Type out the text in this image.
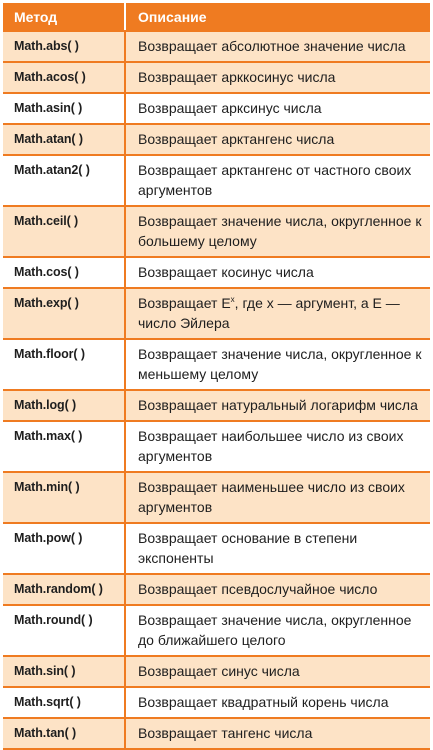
Метод	Описание
Math.abs( )	Возвращает абсолютное значение числа
Math.acos( )	Возвращает арккосинус числа
Math.asin( )	Возвращает арксинус числа
Math.atan( )	Возвращает арктангенс числа
Math.atan2( )	Возвращает арктангенс от частного своих аргументов
Math.ceil( )	Возвращает значение числа, округленное к большему целому
Math.cos( )	Возвращает косинус числа
Math.exp( )	Возвращает $E^x$, где x — аргумент, а E — число Эйлера
Math.floor( )	Возвращает значение числа, округленное к меньшему целому
Math.log( )	Возвращает натуральный логарифм числа
Math.max( )	Возвращает наибольшее число из своих аргументов
Math.min( )	Возвращает наименьшее число из своих аргументов
Math.pow( )	Возвращает основание в степени экспоненты
Math.random( )	Возвращает псевдослучайное число
Math.round( )	Возвращает значение числа, округленное до ближайшего целого
Math.sin( )	Возвращает синус числа
Math.sqrt( )	Возвращает квадратный корень числа
Math.tan( )	Возвращает тангенс числа
